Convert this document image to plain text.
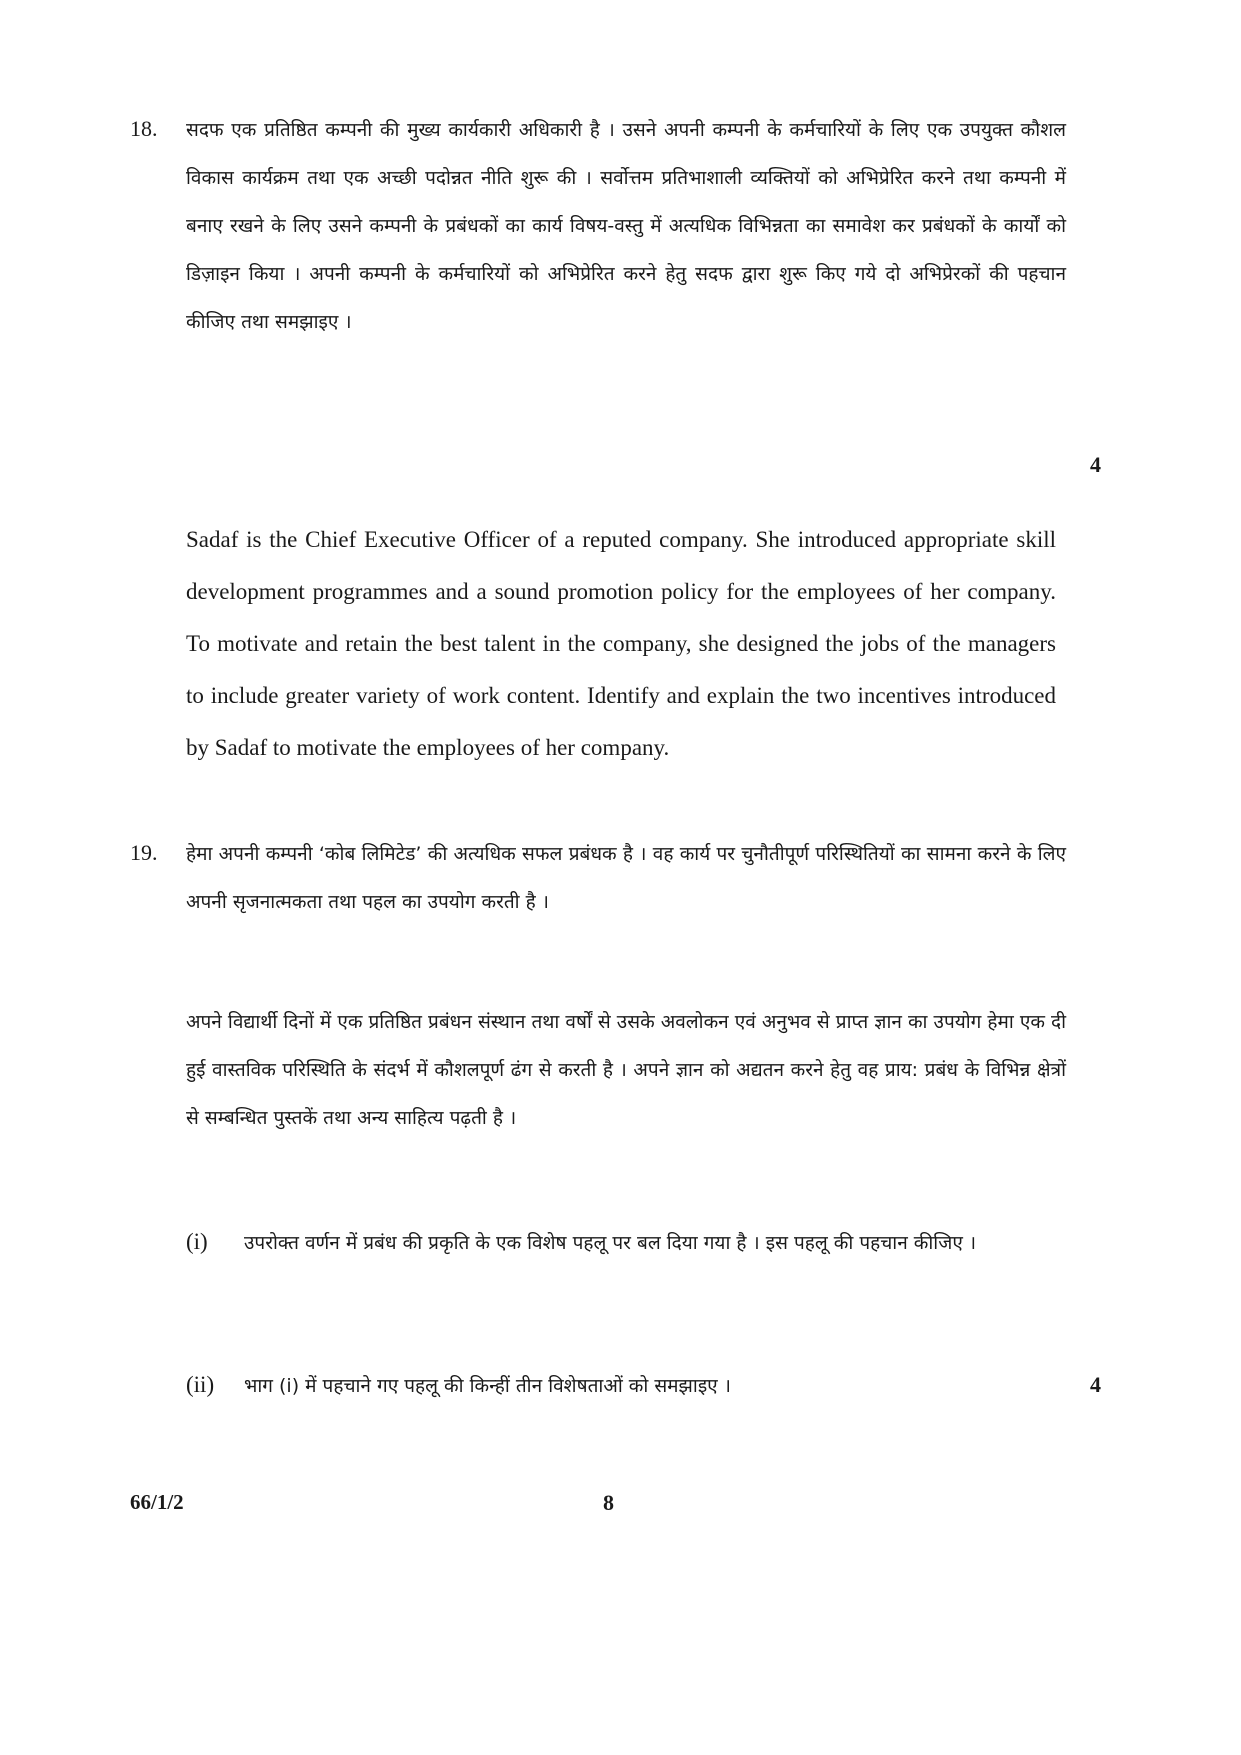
18. सदफ एक प्रतिष्ठित कम्पनी की मुख्य कार्यकारी अधिकारी है । उसने अपनी कम्पनी के कर्मचारियों के लिए एक उपयुक्त कौशल विकास कार्यक्रम तथा एक अच्छी पदोन्नत नीति शुरू की । सर्वोत्तम प्रतिभाशाली व्यक्तियों को अभिप्रेरित करने तथा कम्पनी में बनाए रखने के लिए उसने कम्पनी के प्रबंधकों का कार्य विषय-वस्तु में अत्यधिक विभिन्नता का समावेश कर प्रबंधकों के कार्यों को डिज़ाइन किया । अपनी कम्पनी के कर्मचारियों को अभिप्रेरित करने हेतु सदफ द्वारा शुरू किए गये दो अभिप्रेरकों की पहचान कीजिए तथा समझाइए ।
4
Sadaf is the Chief Executive Officer of a reputed company. She introduced appropriate skill development programmes and a sound promotion policy for the employees of her company. To motivate and retain the best talent in the company, she designed the jobs of the managers to include greater variety of work content. Identify and explain the two incentives introduced by Sadaf to motivate the employees of her company.
19. हेमा अपनी कम्पनी ‘कोब लिमिटेड’ की अत्यधिक सफल प्रबंधक है । वह कार्य पर चुनौतीपूर्ण परिस्थितियों का सामना करने के लिए अपनी सृजनात्मकता तथा पहल का उपयोग करती है ।
अपने विद्यार्थी दिनों में एक प्रतिष्ठित प्रबंधन संस्थान तथा वर्षों से उसके अवलोकन एवं अनुभव से प्राप्त ज्ञान का उपयोग हेमा एक दी हुई वास्तविक परिस्थिति के संदर्भ में कौशलपूर्ण ढंग से करती है । अपने ज्ञान को अद्यतन करने हेतु वह प्राय: प्रबंध के विभिन्न क्षेत्रों से सम्बन्धित पुस्तकें तथा अन्य साहित्य पढ़ती है ।
(i) उपरोक्त वर्णन में प्रबंध की प्रकृति के एक विशेष पहलू पर बल दिया गया है । इस पहलू की पहचान कीजिए ।
(ii) भाग (i) में पहचाने गए पहलू की किन्हीं तीन विशेषताओं को समझाइए ।	4
66/1/2	8
